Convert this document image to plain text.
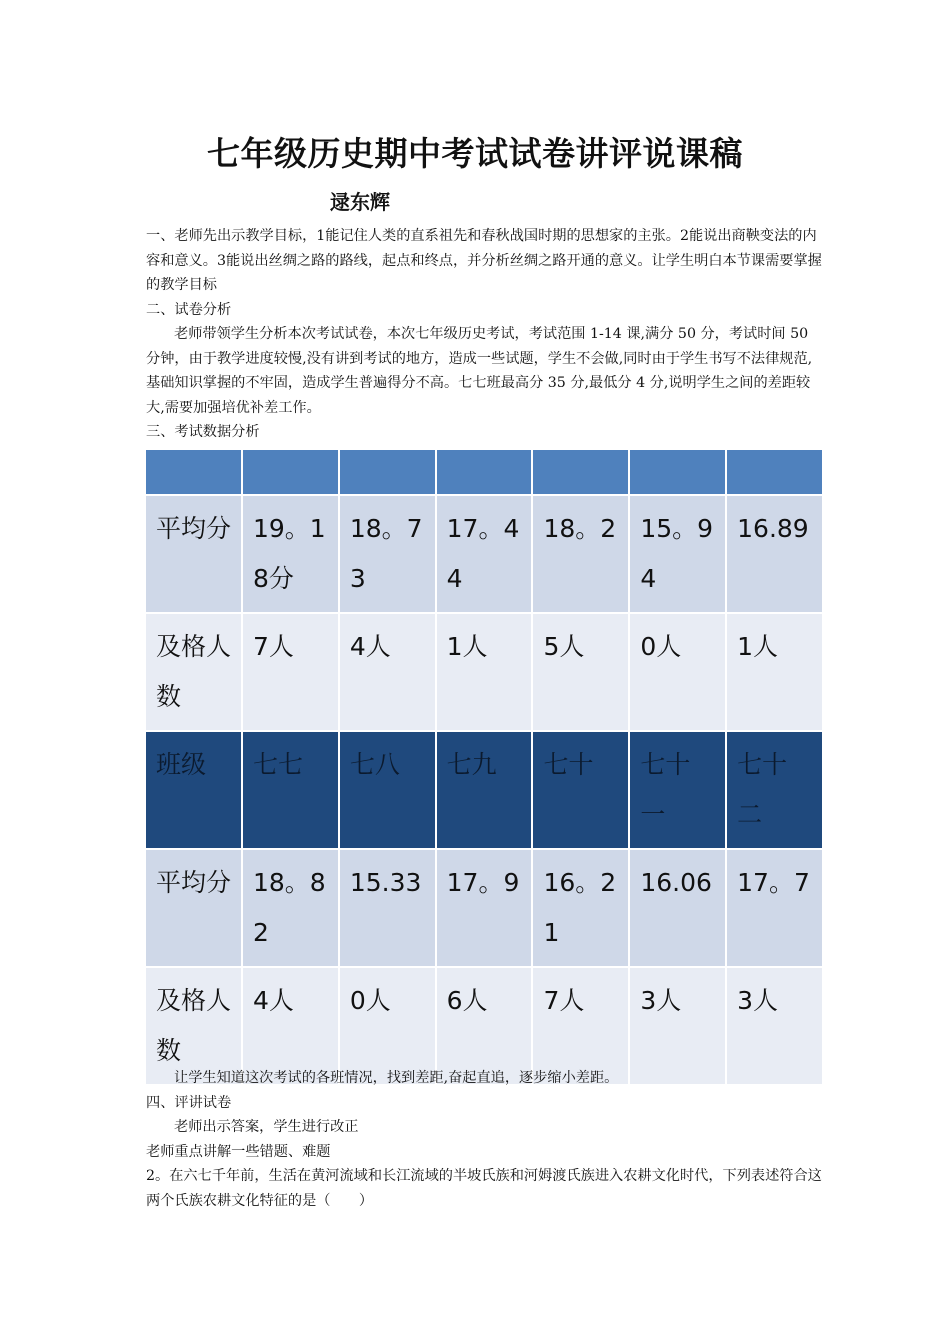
七年级历史期中考试试卷讲评说课稿
逯东辉

一、老师先出示教学目标，1能记住人类的直系祖先和春秋战国时期的思想家的主张。2能说出商鞅变法的内容和意义。3能说出丝绸之路的路线，起点和终点，并分析丝绸之路开通的意义。让学生明白本节课需要掌握的教学目标

二、试卷分析

老师带领学生分析本次考试试卷，本次七年级历史考试，考试范围 1-14 课,满分 50 分，考试时间 50 分钟，由于教学进度较慢,没有讲到考试的地方，造成一些试题，学生不会做,同时由于学生书写不法律规范,基础知识掌握的不牢固，造成学生普遍得分不高。七七班最高分 35 分,最低分 4 分,说明学生之间的差距较大,需要加强培优补差工作。

三、考试数据分析

平均分	19。18分	18。73	17。44	18。2	15。94	16.89
及格人数	7人	4人	1人	5人	0人	1人
班级	七七	七八	七九	七十	七十一	七十二
平均分	18。82	15.33	17。9	16。21	16.06	17。7
及格人数	4人	0人	6人	7人	3人	3人

让学生知道这次考试的各班情况，找到差距,奋起直追，逐步缩小差距。

四、评讲试卷

老师出示答案，学生进行改正

老师重点讲解一些错题、难题

2。在六七千年前，生活在黄河流域和长江流域的半坡氏族和河姆渡氏族进入农耕文化时代，下列表述符合这两个氏族农耕文化特征的是（　　）
